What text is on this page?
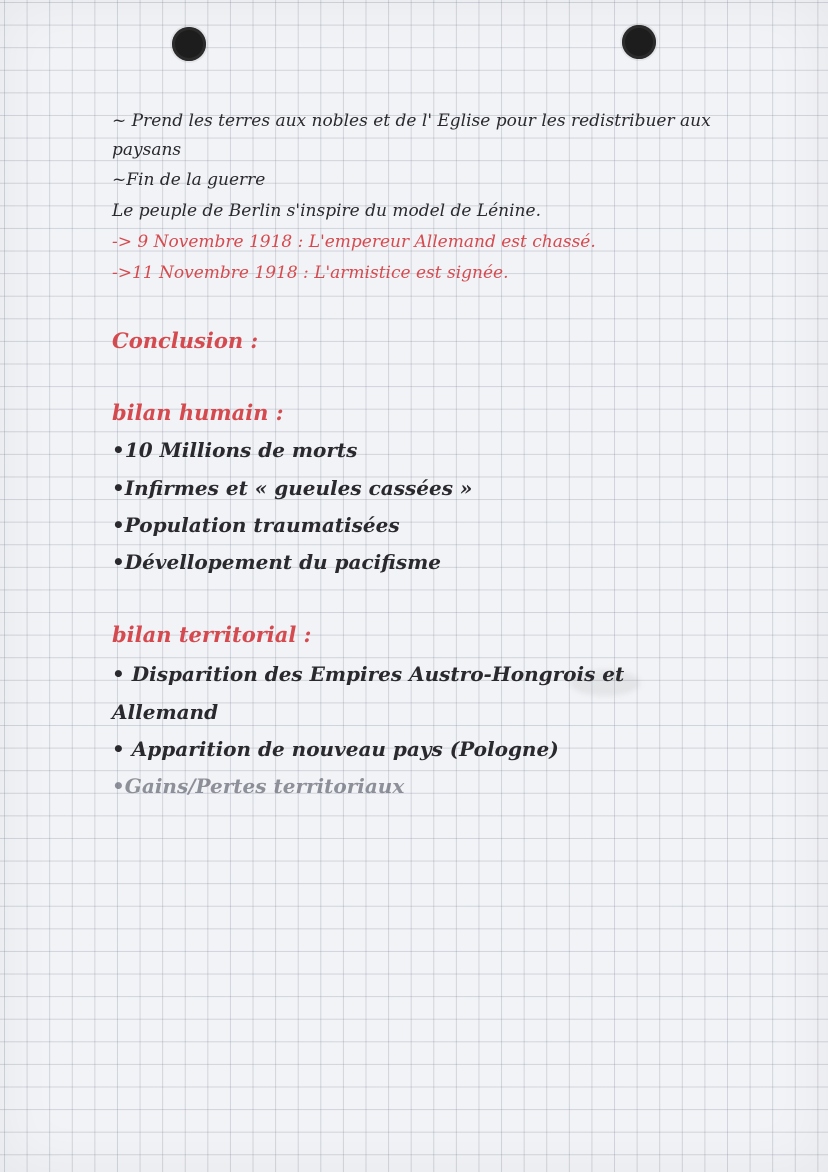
~ Prend les terres aux nobles et de l' Eglise pour les redistribuer aux

paysans

~Fin de la guerre

Le peuple de Berlin s'inspire du model de Lénine.

-> 9 Novembre 1918 : L'empereur Allemand est chassé.

->11 Novembre 1918 : L'armistice est signée.

Conclusion :
bilan humain :

•10 Millions de morts

•Infirmes et « gueules cassées »

•Population traumatisées

•Dévellopement du pacifisme

bilan territorial :

• Disparition des Empires Austro-Hongrois et

Allemand

• Apparition de nouveau pays (Pologne)

•Gains/Pertes territoriaux
